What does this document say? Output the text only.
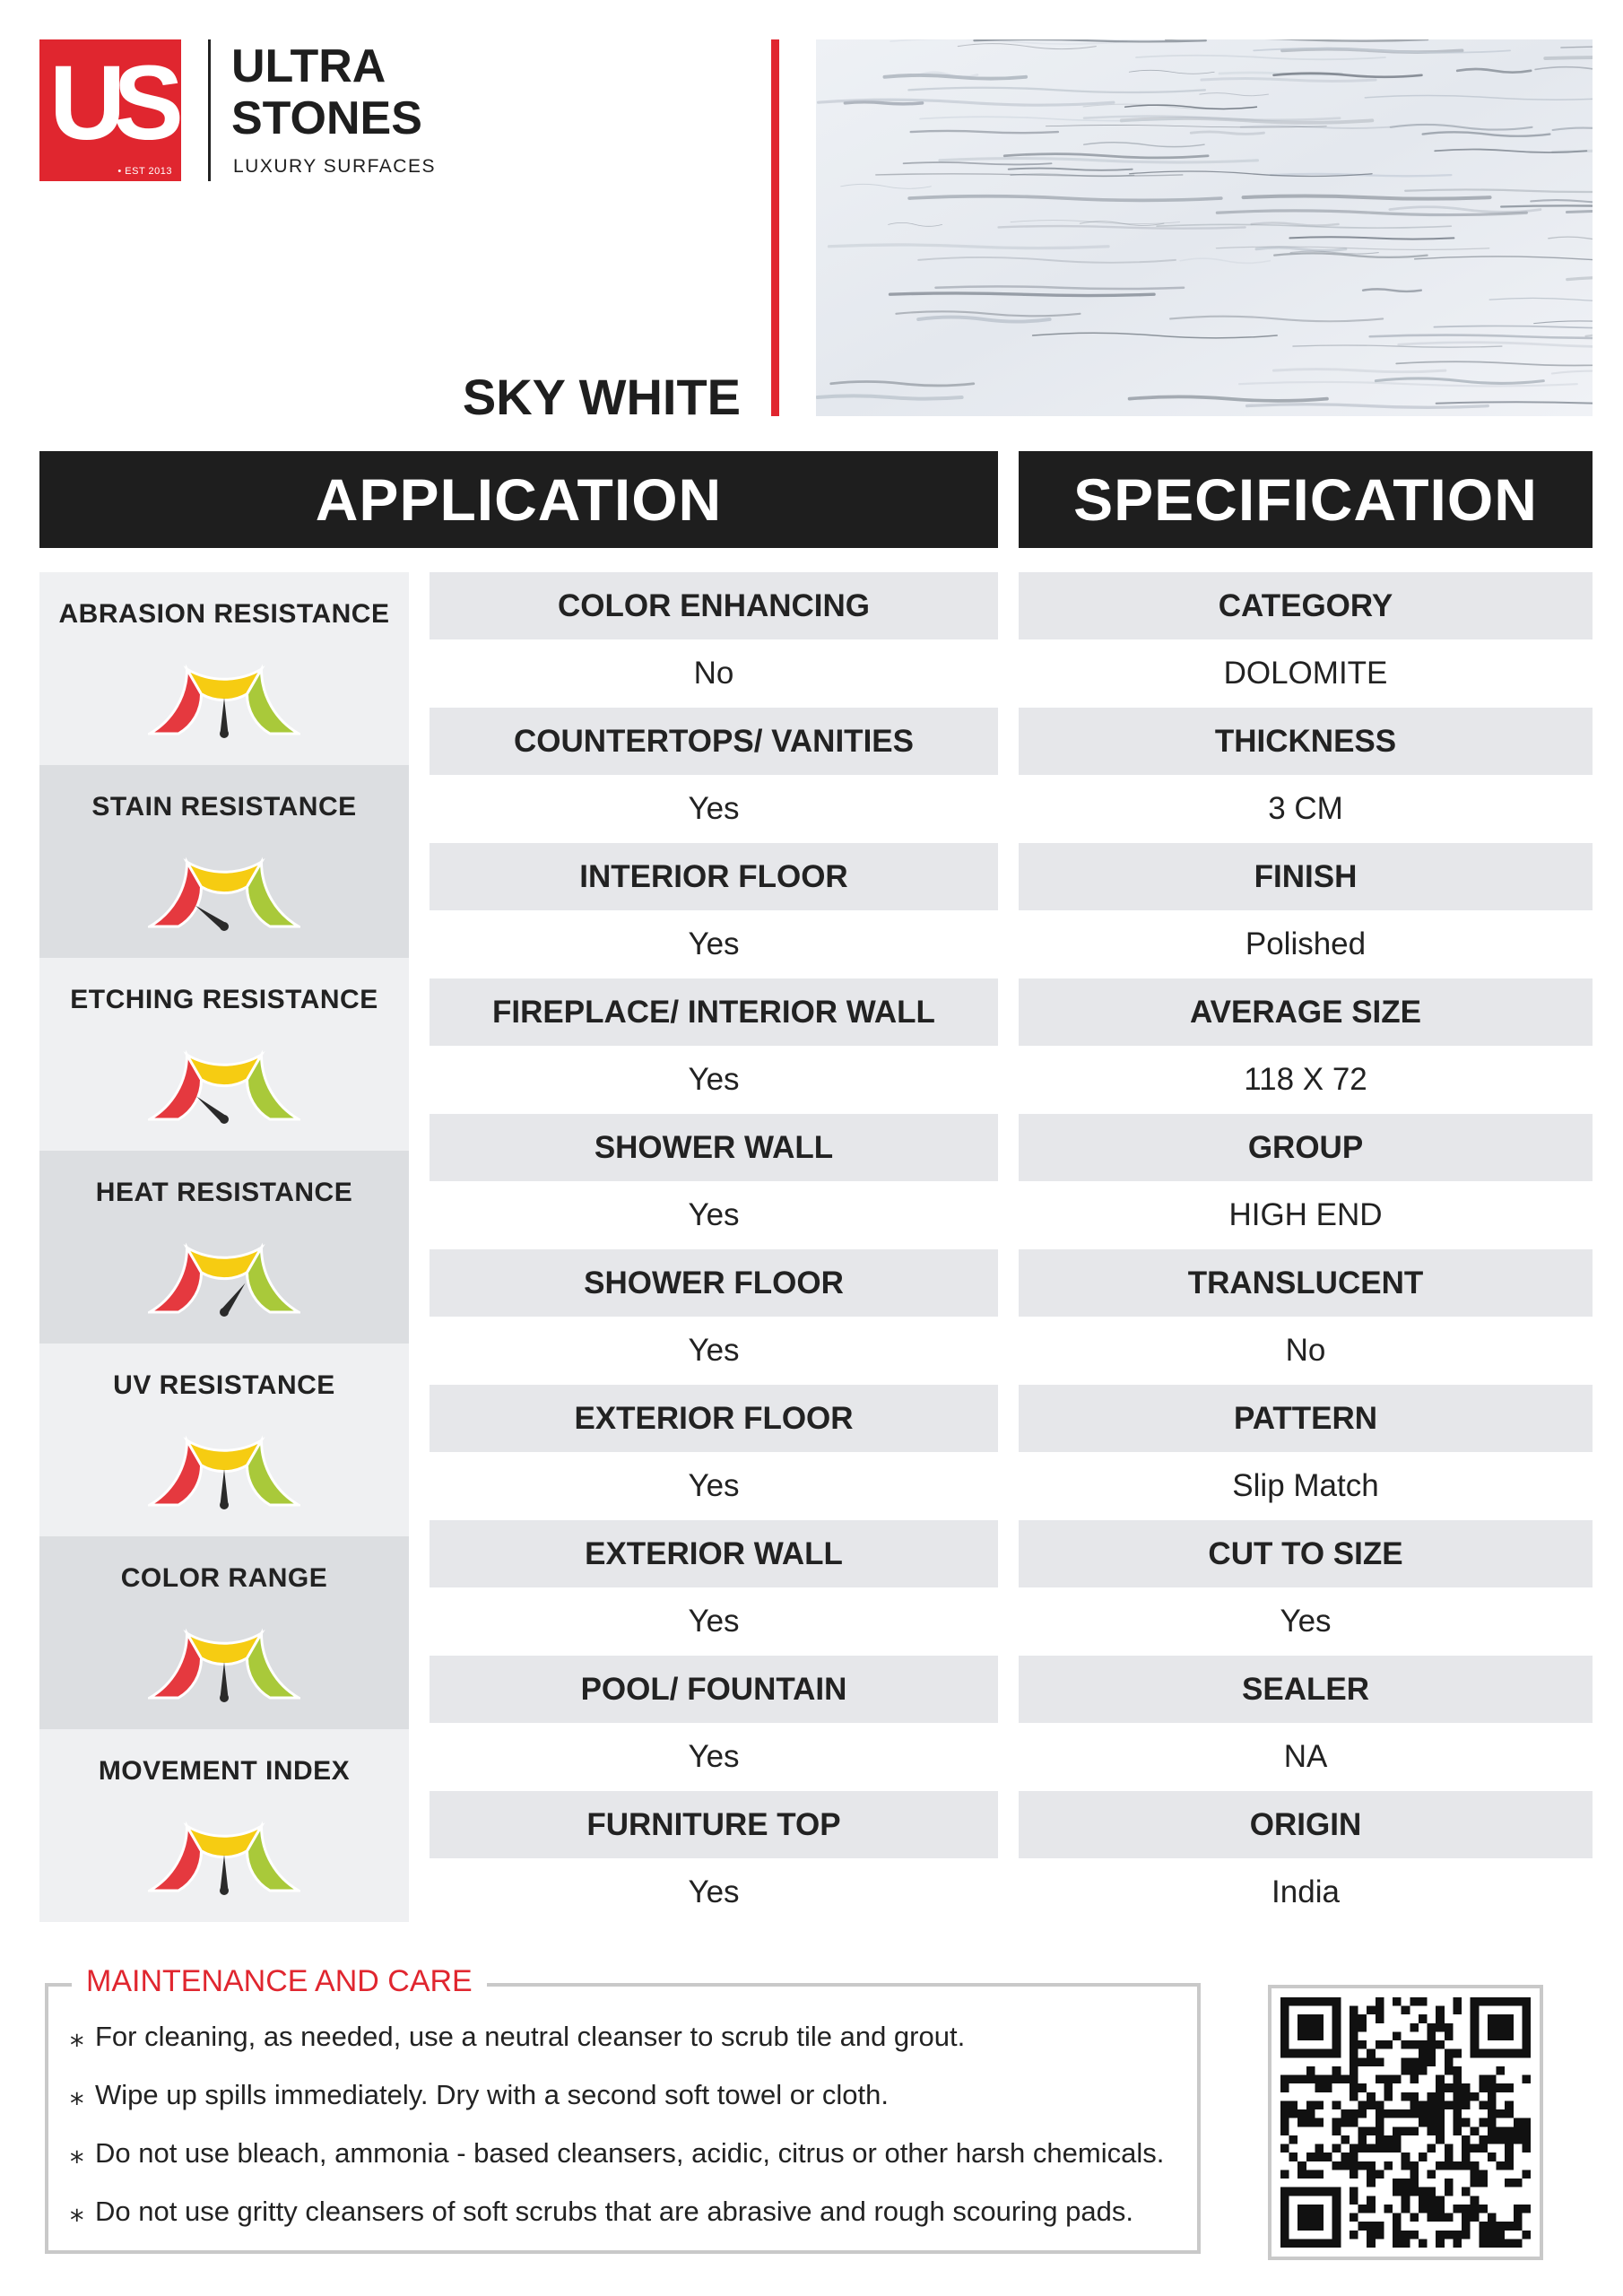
US
• EST 2013
ULTRA
STONES
LUXURY SURFACES
SKY WHITE
APPLICATION	SPECIFICATION
ABRASION RESISTANCE
STAIN RESISTANCE
ETCHING RESISTANCE
HEAT RESISTANCE
UV RESISTANCE
COLOR RANGE
MOVEMENT INDEX
COLOR ENHANCING
No
COUNTERTOPS/ VANITIES
Yes
INTERIOR FLOOR
Yes
FIREPLACE/ INTERIOR WALL
Yes
SHOWER WALL
Yes
SHOWER FLOOR
Yes
EXTERIOR FLOOR
Yes
EXTERIOR WALL
Yes
POOL/ FOUNTAIN
Yes
FURNITURE TOP
Yes
CATEGORY
DOLOMITE
THICKNESS
3 CM
FINISH
Polished
AVERAGE SIZE
118 X 72
GROUP
HIGH END
TRANSLUCENT
No
PATTERN
Slip Match
CUT TO SIZE
Yes
SEALER
NA
ORIGIN
India
MAINTENANCE AND CARE
⁎ For cleaning, as needed, use a neutral cleanser to scrub tile and grout.
⁎ Wipe up spills immediately. Dry with a second soft towel or cloth.
⁎ Do not use bleach, ammonia - based cleansers, acidic, citrus or other harsh chemicals.
⁎ Do not use gritty cleansers of soft scrubs that are abrasive and rough scouring pads.
